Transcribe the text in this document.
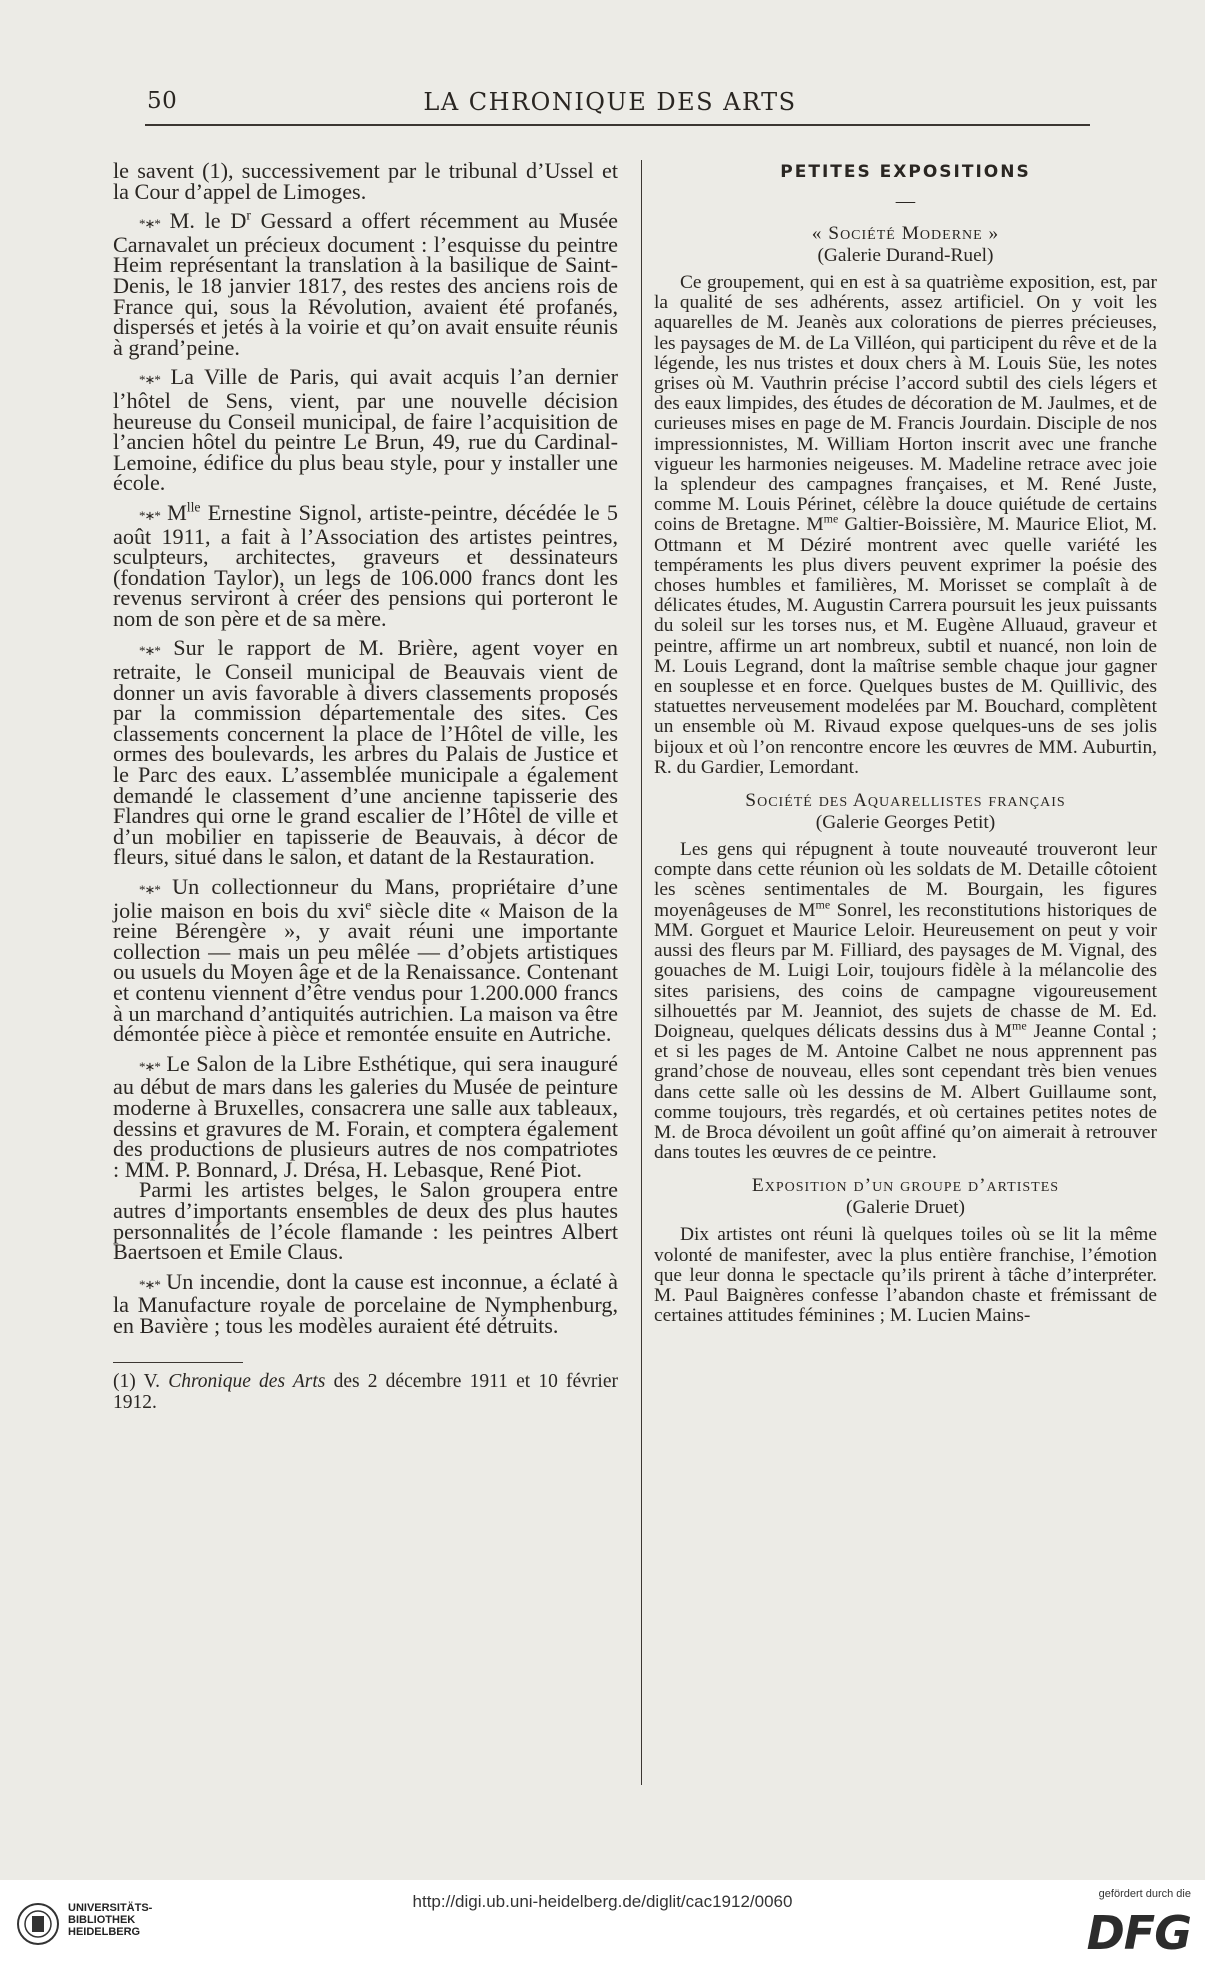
50	LA CHRONIQUE DES ARTS

le savent (1), successivement par le tribunal d’Ussel et la Cour d’appel de Limoges.

*∗* M. le $D^r$ Gessard a offert récemment au Musée Carnavalet un précieux document : l’esquisse du peintre Heim représentant la translation à la basilique de Saint-Denis, le 18 janvier 1817, des restes des anciens rois de France qui, sous la Révolution, avaient été profanés, dispersés et jetés à la voirie et qu’on avait ensuite réunis à grand’peine.

*∗* La Ville de Paris, qui avait acquis l’an dernier l’hôtel de Sens, vient, par une nouvelle décision heureuse du Conseil municipal, de faire l’acquisition de l’ancien hôtel du peintre Le Brun, 49, rue du Cardinal-Lemoine, édifice du plus beau style, pour y installer une école.

*∗* $M^{lle}$ Ernestine Signol, artiste-peintre, décédée le 5 août 1911, a fait à l’Association des artistes peintres, sculpteurs, architectes, graveurs et dessinateurs (fondation Taylor), un legs de 106.000 francs dont les revenus serviront à créer des pensions qui porteront le nom de son père et de sa mère.

*∗* Sur le rapport de M. Brière, agent voyer en retraite, le Conseil municipal de Beauvais vient de donner un avis favorable à divers classements proposés par la commission départementale des sites. Ces classements concernent la place de l’Hôtel de ville, les ormes des boulevards, les arbres du Palais de Justice et le Parc des eaux. L’assemblée municipale a également demandé le classement d’une ancienne tapisserie des Flandres qui orne le grand escalier de l’Hôtel de ville et d’un mobilier en tapisserie de Beauvais, à décor de fleurs, situé dans le salon, et datant de la Restauration.

*∗* Un collectionneur du Mans, propriétaire d’une jolie maison en bois du xvi$^e$ siècle dite « Maison de la reine Bérengère », y avait réuni une importante collection — mais un peu mêlée — d’objets artistiques ou usuels du Moyen âge et de la Renaissance. Contenant et contenu viennent d’être vendus pour 1.200.000 francs à un marchand d’antiquités autrichien. La maison va être démontée pièce à pièce et remontée ensuite en Autriche.

*∗* Le Salon de la Libre Esthétique, qui sera inauguré au début de mars dans les galeries du Musée de peinture moderne à Bruxelles, consacrera une salle aux tableaux, dessins et gravures de M. Forain, et comptera également des productions de plusieurs autres de nos compatriotes : MM. P. Bonnard, J. Drésa, H. Lebasque, René Piot.

Parmi les artistes belges, le Salon groupera entre autres d’importants ensembles de deux des plus hautes personnalités de l’école flamande : les peintres Albert Baertsoen et Emile Claus.

*∗* Un incendie, dont la cause est inconnue, a éclaté à la Manufacture royale de porcelaine de Nymphenburg, en Bavière ; tous les modèles auraient été détruits.

(1) V. Chronique des Arts des 2 décembre 1911 et 10 février 1912.

PETITES EXPOSITIONS
—
« Société Moderne »
(Galerie Durand-Ruel)

Ce groupement, qui en est à sa quatrième exposition, est, par la qualité de ses adhérents, assez artificiel. On y voit les aquarelles de M. Jeanès aux colorations de pierres précieuses, les paysages de M. de La Villéon, qui participent du rêve et de la légende, les nus tristes et doux chers à M. Louis Süe, les notes grises où M. Vauthrin précise l’accord subtil des ciels légers et des eaux limpides, des études de décoration de M. Jaulmes, et de curieuses mises en page de M. Francis Jourdain. Disciple de nos impressionnistes, M. William Horton inscrit avec une franche vigueur les harmonies neigeuses. M. Madeline retrace avec joie la splendeur des campagnes françaises, et M. René Juste, comme M. Louis Périnet, célèbre la douce quiétude de certains coins de Bretagne. $M^{me}$ Galtier-Boissière, M. Maurice Eliot, M. Ottmann et M Déziré montrent avec quelle variété les tempéraments les plus divers peuvent exprimer la poésie des choses humbles et familières, M. Morisset se complaît à de délicates études, M. Augustin Carrera poursuit les jeux puissants du soleil sur les torses nus, et M. Eugène Alluaud, graveur et peintre, affirme un art nombreux, subtil et nuancé, non loin de M. Louis Legrand, dont la maîtrise semble chaque jour gagner en souplesse et en force. Quelques bustes de M. Quillivic, des statuettes nerveusement modelées par M. Bouchard, complètent un ensemble où M. Rivaud expose quelques-uns de ses jolis bijoux et où l’on rencontre encore les œuvres de MM. Auburtin, R. du Gardier, Lemordant.

Société des Aquarellistes français
(Galerie Georges Petit)

Les gens qui répugnent à toute nouveauté trouveront leur compte dans cette réunion où les soldats de M. Detaille côtoient les scènes sentimentales de M. Bourgain, les figures moyenâgeuses de $M^{me}$ Sonrel, les reconstitutions historiques de MM. Gorguet et Maurice Leloir. Heureusement on peut y voir aussi des fleurs par M. Filliard, des paysages de M. Vignal, des gouaches de M. Luigi Loir, toujours fidèle à la mélancolie des sites parisiens, des coins de campagne vigoureusement silhouettés par M. Jeanniot, des sujets de chasse de M. Ed. Doigneau, quelques délicats dessins dus à $M^{me}$ Jeanne Contal ; et si les pages de M. Antoine Calbet ne nous apprennent pas grand’chose de nouveau, elles sont cependant très bien venues dans cette salle où les dessins de M. Albert Guillaume sont, comme toujours, très regardés, et où certaines petites notes de M. de Broca dévoilent un goût affiné qu’on aimerait à retrouver dans toutes les œuvres de ce peintre.

Exposition d’un groupe d’artistes
(Galerie Druet)

Dix artistes ont réuni là quelques toiles où se lit la même volonté de manifester, avec la plus entière franchise, l’émotion que leur donna le spectacle qu’ils prirent à tâche d’interpréter. M. Paul Baignères confesse l’abandon chaste et frémissant de certaines attitudes féminines ; M. Lucien Mains-

UNIVERSITÄTS-
BIBLIOTHEK
HEIDELBERG
http://digi.ub.uni-heidelberg.de/diglit/cac1912/0060	gefördert durch die
DFG
